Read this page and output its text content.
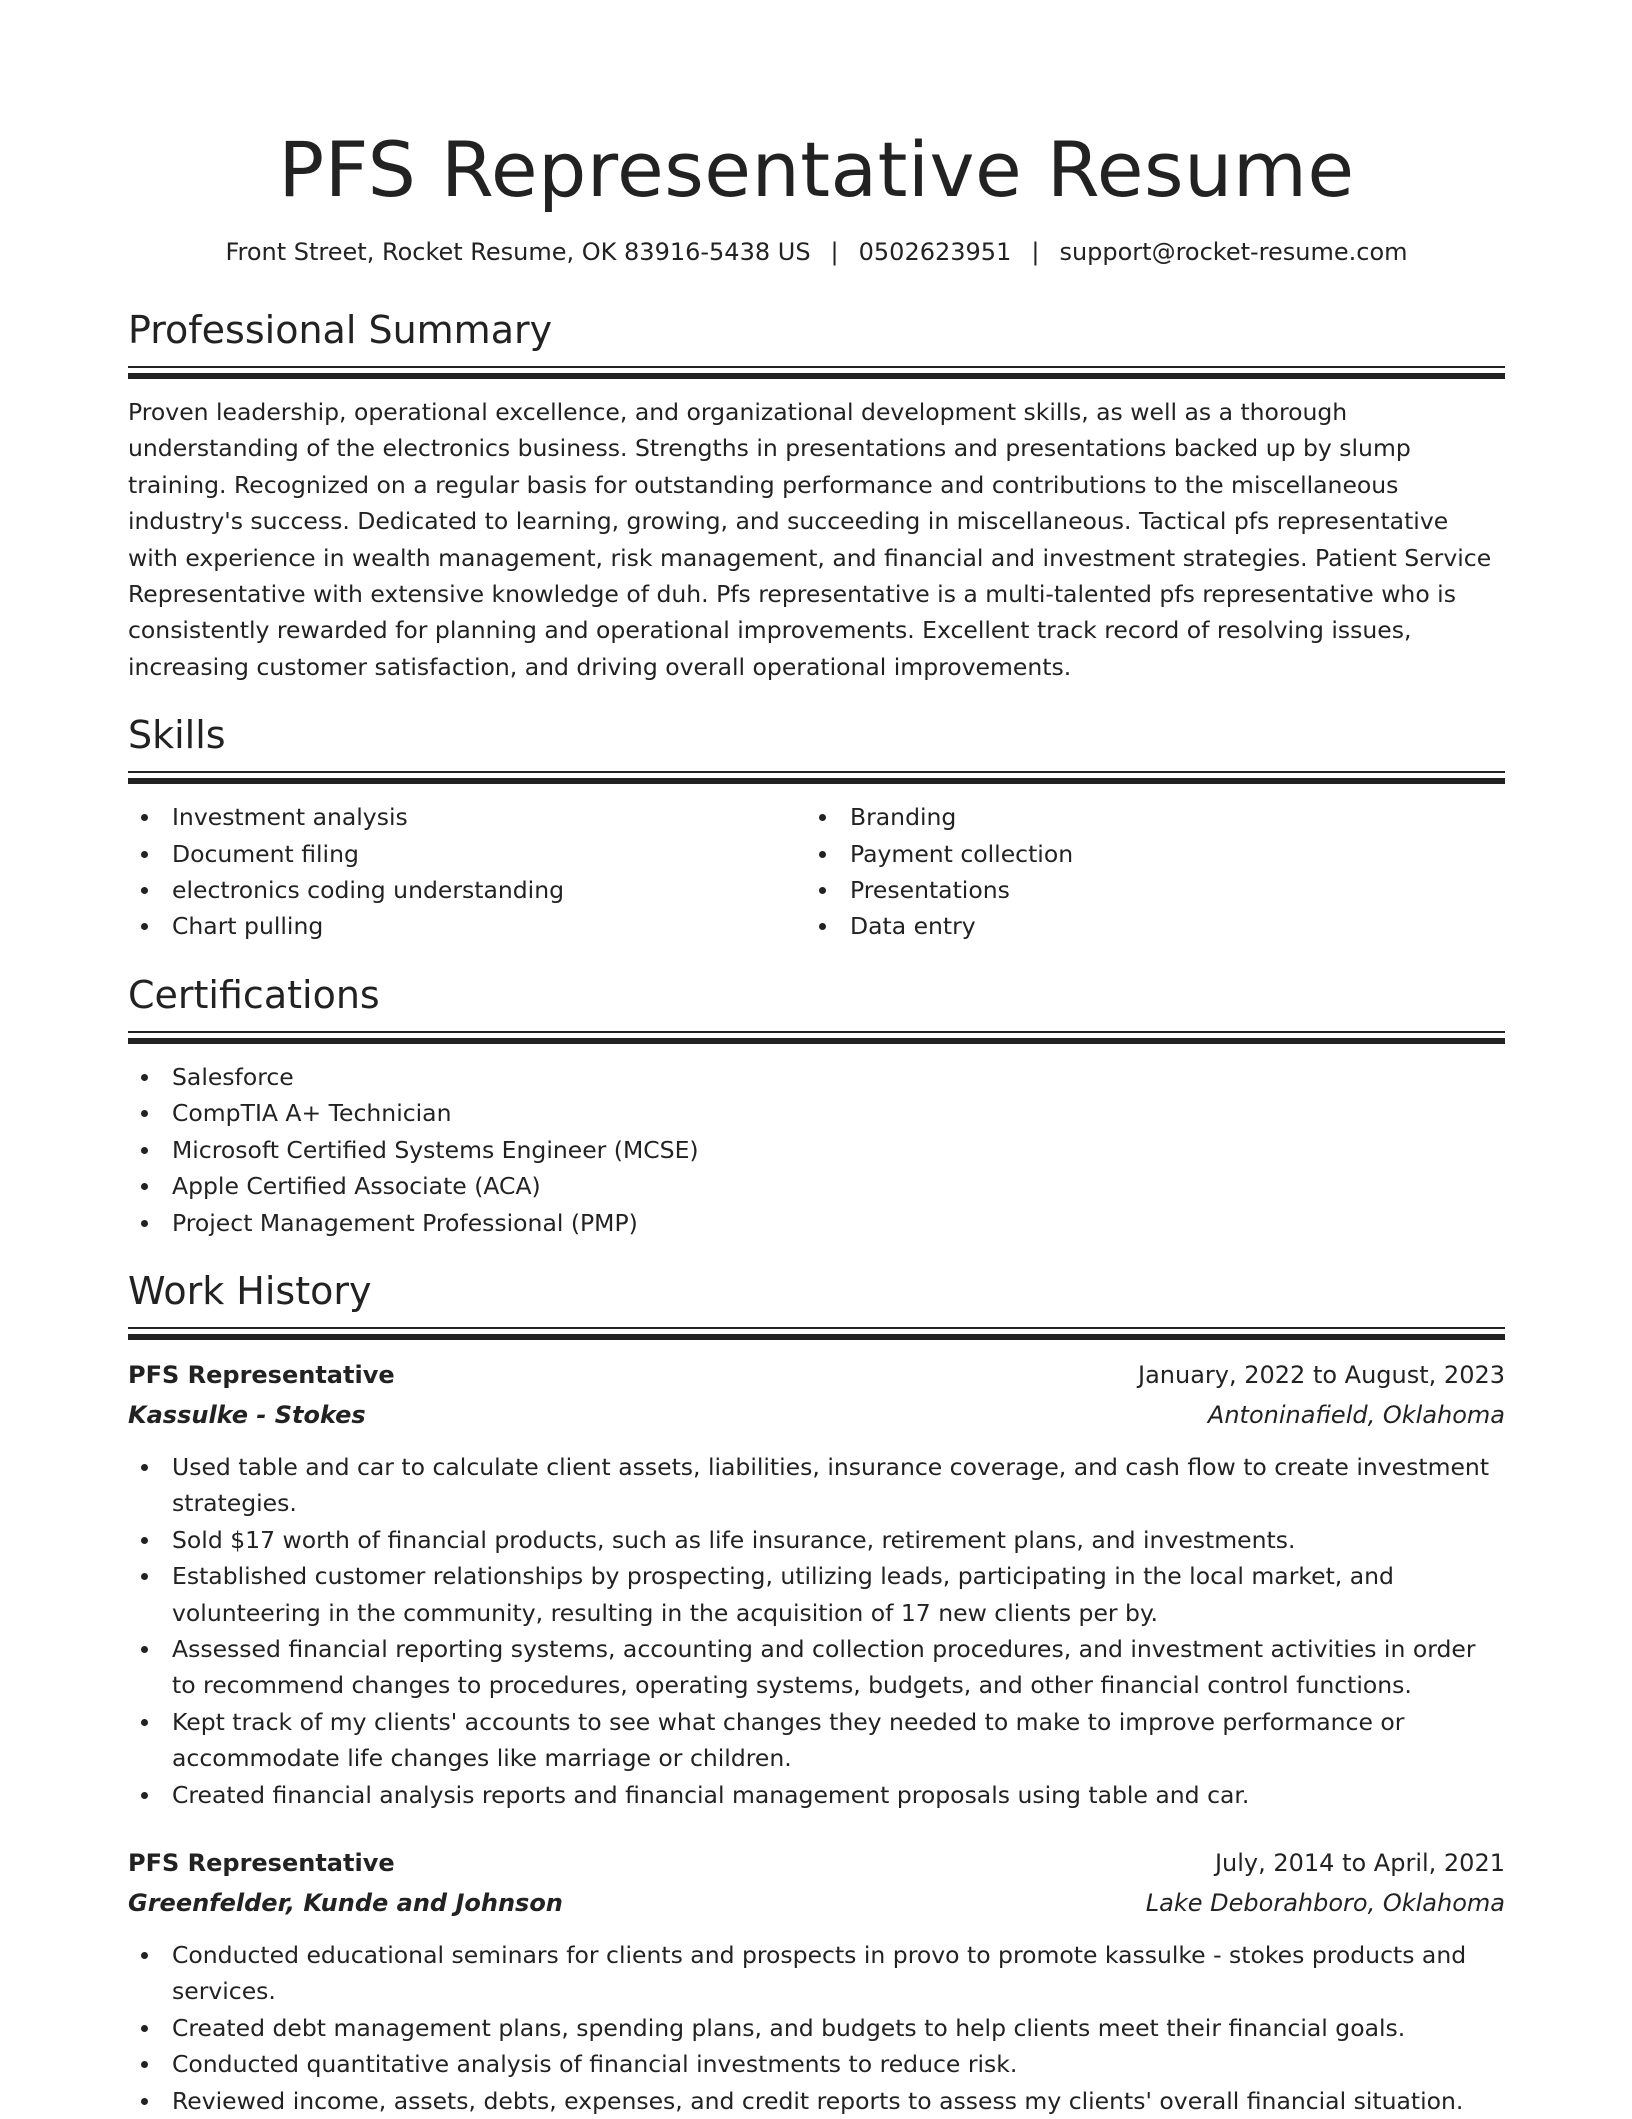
PFS Representative Resume
Front Street, Rocket Resume, OK 83916-5438 US | 0502623951 | support@rocket-resume.com
Professional Summary

Proven leadership, operational excellence, and organizational development skills, as well as a thorough understanding of the electronics business. Strengths in presentations and presentations backed up by slump training. Recognized on a regular basis for outstanding performance and contributions to the miscellaneous industry's success. Dedicated to learning, growing, and succeeding in miscellaneous. Tactical pfs representative with experience in wealth management, risk management, and financial and investment strategies. Patient Service Representative with extensive knowledge of duh. Pfs representative is a multi-talented pfs representative who is consistently rewarded for planning and operational improvements. Excellent track record of resolving issues, increasing customer satisfaction, and driving overall operational improvements.

Skills
Investment analysis
Document filing
electronics coding understanding
Chart pulling
Branding
Payment collection
Presentations
Data entry
Certifications
Salesforce
CompTIA A+ Technician
Microsoft Certified Systems Engineer (MCSE)
Apple Certified Associate (ACA)
Project Management Professional (PMP)
Work History
PFS Representative	January, 2022 to August, 2023
Kassulke - Stokes	Antoninafield, Oklahoma
Used table and car to calculate client assets, liabilities, insurance coverage, and cash flow to create investment strategies.
Sold $17 worth of financial products, such as life insurance, retirement plans, and investments.
Established customer relationships by prospecting, utilizing leads, participating in the local market, and volunteering in the community, resulting in the acquisition of 17 new clients per by.
Assessed financial reporting systems, accounting and collection procedures, and investment activities in order to recommend changes to procedures, operating systems, budgets, and other financial control functions.
Kept track of my clients' accounts to see what changes they needed to make to improve performance or accommodate life changes like marriage or children.
Created financial analysis reports and financial management proposals using table and car.
PFS Representative	July, 2014 to April, 2021
Greenfelder, Kunde and Johnson	Lake Deborahboro, Oklahoma
Conducted educational seminars for clients and prospects in provo to promote kassulke - stokes products and services.
Created debt management plans, spending plans, and budgets to help clients meet their financial goals.
Conducted quantitative analysis of financial investments to reduce risk.
Reviewed income, assets, debts, expenses, and credit reports to assess my clients' overall financial situation.
